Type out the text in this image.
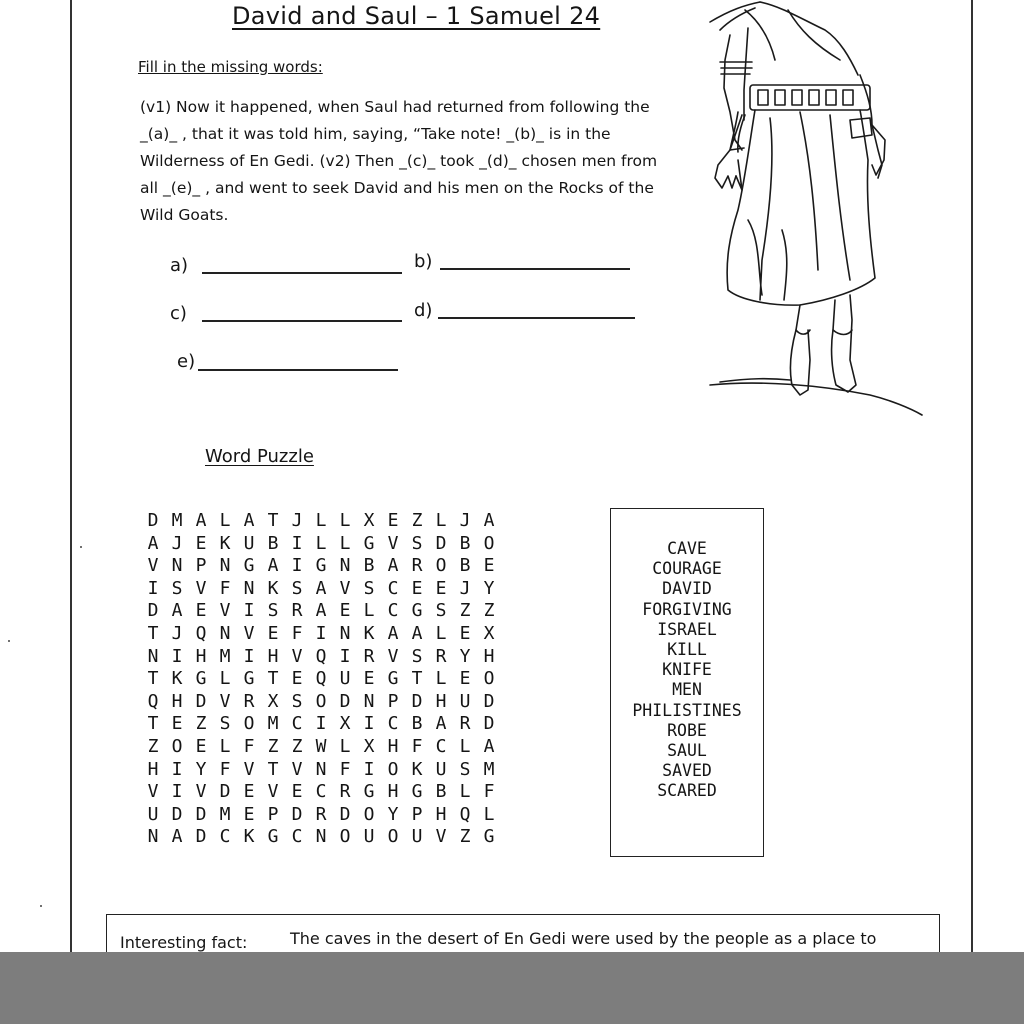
David and Saul – 1 Samuel 24
Fill in the missing words:
(v1) Now it happened, when Saul had returned from following the
_(a)_ , that it was told him, saying, “Take note! _(b)_ is in the
Wilderness of En Gedi. (v2) Then _(c)_ took _(d)_ chosen men from
all _(e)_ , and went to seek David and his men on the Rocks of the
Wild Goats.
a)	b)
c)	d)
e)
Word Puzzle
D M A L A T J L L X E Z L J A
A J E K U B I L L G V S D B O
V N P N G A I G N B A R O B E
I S V F N K S A V S C E E J Y
D A E V I S R A E L C G S Z Z
T J Q N V E F I N K A A L E X
N I H M I H V Q I R V S R Y H
T K G L G T E Q U E G T L E O
Q H D V R X S O D N P D H U D
T E Z S O M C I X I C B A R D
Z O E L F Z Z W L X H F C L A
H I Y F V T V N F I O K U S M
V I V D E V E C R G H G B L F
U D D M E P D R D O Y P H Q L
N A D C K G C N O U O U V Z G
CAVE
COURAGE
DAVID
FORGIVING
ISRAEL
KILL
KNIFE
MEN
PHILISTINES
ROBE
SAUL
SAVED
SCARED
Interesting fact:	The caves in the desert of En Gedi were used by the people as a place to
